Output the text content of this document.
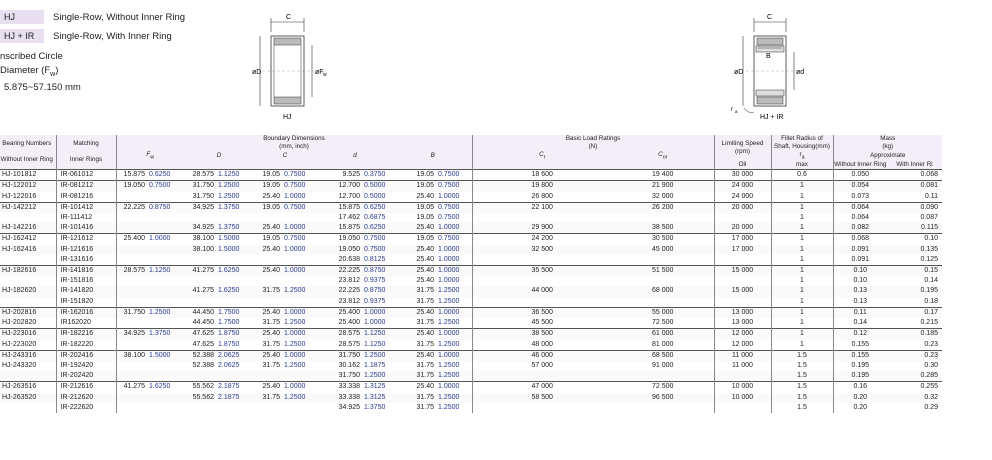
HJ	Single-Row, Without Inner Ring
HJ + IR	Single-Row, With Inner Ring
nscribed Circle
Diameter $(F_w)$
5.875~57.150 mm
C
øD	øF w
HJ
C
B
øD	ød
r a
HJ + IR
Bearing Numbers

Without Inner Ring	Matching

Inner Rings	Boundary Dimensions
(mm, inch)										Basic Load Ratings
(N)		Limiting Speed
(rpm)	Fillet Radius of
Shaft, Housing(mm)
$r_a$	Mass
(kg)	
		$F_w$		D		C		d		B		$C_r$	$C_{or}$			Approximate	
														Oil	max	Without Inner Ring	With Inner Ri
HJ-101812	IR-061012	15.875	0.6250	28.575	1.1250	19.05	0.7500	9.525	0.3750	19.05	0.7500	18 600	19 400	30 000	0.6	0.050	0.068
HJ-122012	IR-081212	19.050	0.7500	31.750	1.2500	19.05	0.7500	12.700	0.5000	19.05	0.7500	19 800	21 900	24 000	1	0.054	0.081
HJ-122016	IR-081216			31.750	1.2500	25.40	1.0000	12.700	0.5000	25.40	1.0000	26 800	32 000	24 000	1	0.073	0.11
HJ-142212	IR-101412	22.225	0.8750	34.925	1.3750	19.05	0.7500	15.875	0.6250	19.05	0.7500	22 100	26 200	20 000	1	0.064	0.090
	IR-111412							17.462	0.6875	19.05	0.7500				1	0.064	0.087
HJ-142216	IR-101416			34.925	1.3750	25.40	1.0000	15.875	0.6250	25.40	1.0000	29 900	38 500	20 000	1	0.082	0.115
HJ-162412	IR-121612	25.400	1.0000	38.100	1.5000	19.05	0.7500	19.050	0.7500	19.05	0.7500	24 200	30 500	17 000	1	0.068	0.10
HJ-162416	IR-121616			38.100	1.5000	25.40	1.0000	19.050	0.7500	25.40	1.0000	32 500	45 000	17 000	1	0.091	0.135
	IR-131616							20.638	0.8125	25.40	1.0000				1	0.091	0.125
HJ-182616	IR-141816	28.575	1.1250	41.275	1.6250	25.40	1.0000	22.225	0.8750	25.40	1.0000	35 500	51 500	15 000	1	0.10	0.15
	IR-151816							23.812	0.9375	25.40	1.0000				1	0.10	0.14
HJ-182620	IR-141820			41.275	1.6250	31.75	1.2500	22.225	0.8750	31.75	1.2500	44 000	68 000	15 000	1	0.13	0.195
	IR-151820							23.812	0.9375	31.75	1.2500				1	0.13	0.18
HJ-202816	IR-162016	31.750	1.2500	44.450	1.7500	25.40	1.0000	25.400	1.0000	25.40	1.0000	36 500	55 000	13 000	1	0.11	0.17
HJ-202820	IR162020			44.450	1.7500	31.75	1.2500	25.400	1.0000	31.75	1.2500	45 500	72 500	13 000	1	0.14	0.215
HJ-223016	IR-182216	34.925	1.3750	47.625	1.8750	25.40	1.0000	28.575	1.1250	25.40	1.0000	38 500	61 000	12 000	1	0.12	0.185
HJ-223020	IR-182220			47.625	1.8750	31.75	1.2500	28.575	1.1250	31.75	1.2500	48 000	81 000	12 000	1	0.155	0.23
HJ-243316	IR-202416	38.100	1.5000	52.388	2.0625	25.40	1.0000	31.750	1.2500	25.40	1.0000	46 000	68 500	11 000	1.5	0.155	0.23
HJ-243320	IR-192420			52.388	2.0625	31.75	1.2500	30.162	1.1875	31.75	1.2500	57 000	91 000	11 000	1.5	0.195	0.30
	IR-202420							31.750	1.2500	31.75	1.2500				1.5	0.195	0.285
HJ-263516	IR-212616	41.275	1.6250	55.562	2.1875	25.40	1.0000	33.338	1.3125	25.40	1.0000	47 000	72 500	10 000	1.5	0.16	0.255
HJ-263520	IR-212620			55.562	2.1875	31.75	1.2500	33.338	1.3125	31.75	1.2500	58 500	96 500	10 000	1.5	0.20	0.32
	IR-222620							34.925	1.3750	31.75	1.2500				1.5	0.20	0.29
